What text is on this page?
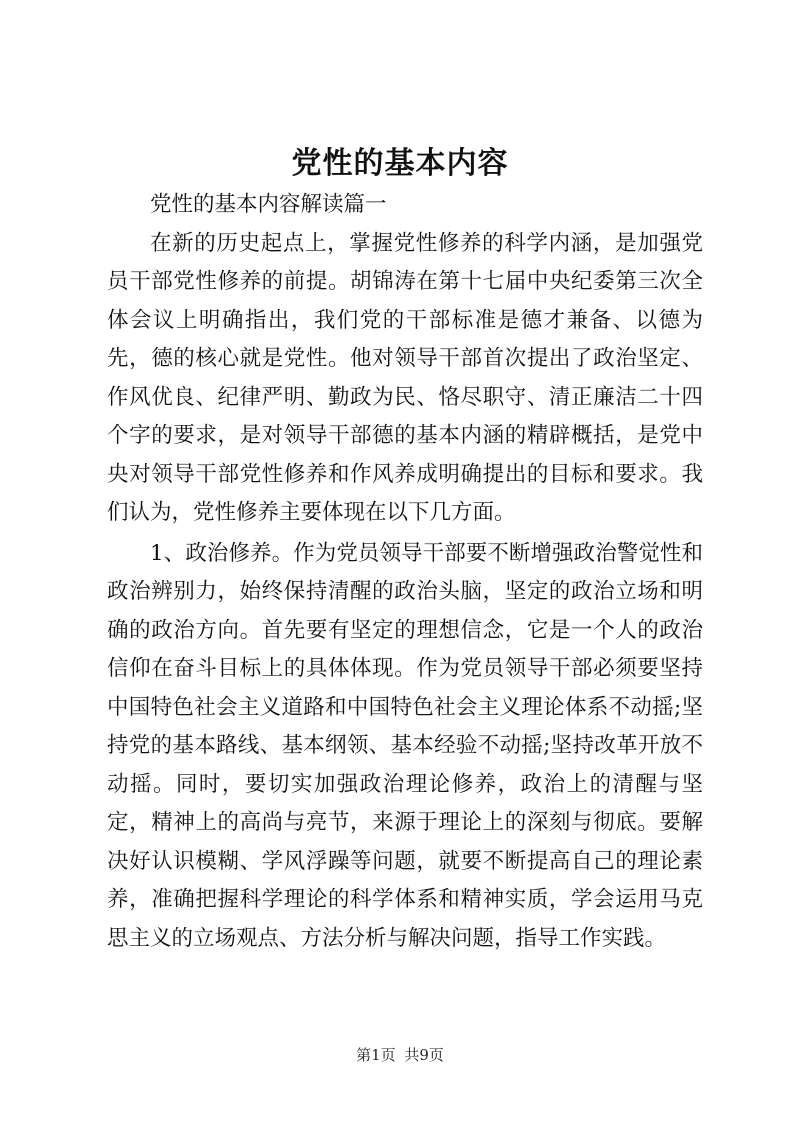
党性的基本内容

党性的基本内容解读篇一

在新的历史起点上，掌握党性修养的科学内涵，是加强党员干部党性修养的前提。胡锦涛在第十七届中央纪委第三次全体会议上明确指出，我们党的干部标准是德才兼备、以德为先，德的核心就是党性。他对领导干部首次提出了政治坚定、作风优良、纪律严明、勤政为民、恪尽职守、清正廉洁二十四个字的要求，是对领导干部德的基本内涵的精辟概括，是党中央对领导干部党性修养和作风养成明确提出的目标和要求。我们认为，党性修养主要体现在以下几方面。

1、政治修养。作为党员领导干部要不断增强政治警觉性和政治辨别力，始终保持清醒的政治头脑，坚定的政治立场和明确的政治方向。首先要有坚定的理想信念，它是一个人的政治信仰在奋斗目标上的具体体现。作为党员领导干部必须要坚持中国特色社会主义道路和中国特色社会主义理论体系不动摇;坚持党的基本路线、基本纲领、基本经验不动摇;坚持改革开放不动摇。同时，要切实加强政治理论修养，政治上的清醒与坚定，精神上的高尚与亮节，来源于理论上的深刻与彻底。要解决好认识模糊、学风浮躁等问题，就要不断提高自己的理论素养，准确把握科学理论的科学体系和精神实质，学会运用马克思主义的立场观点、方法分析与解决问题，指导工作实践。

第1页 共9页
